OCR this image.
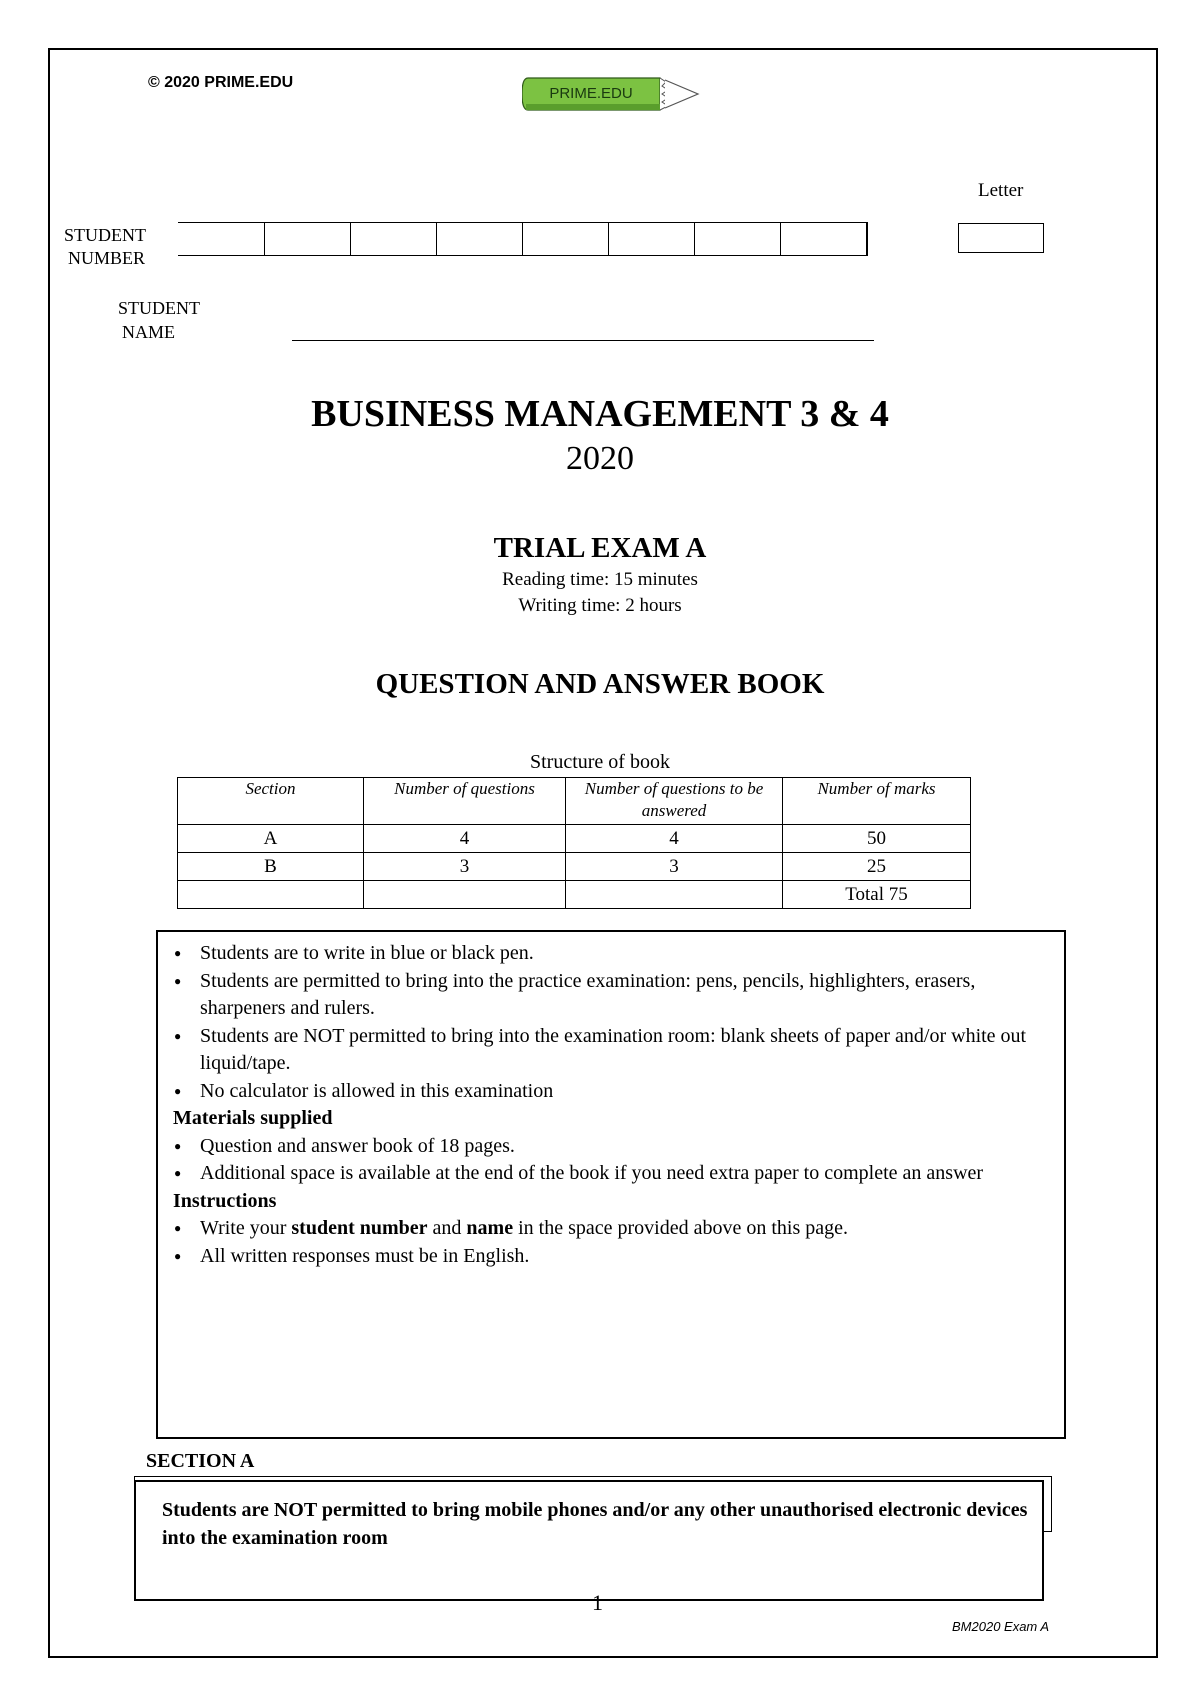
© 2020 PRIME.EDU
PRIME.EDU
Letter
STUDENT
NUMBER
STUDENT
NAME
BUSINESS MANAGEMENT 3 & 4
2020
TRIAL EXAM A
Reading time: 15 minutes
Writing time: 2 hours
QUESTION AND ANSWER BOOK
Structure of book
Section	Number of questions	Number of questions to be answered	Number of marks
A	4	4	50
B	3	3	25
			Total 75
● Students are to write in blue or black pen.
● Students are permitted to bring into the practice examination: pens, pencils, highlighters, erasers, sharpeners and rulers.
● Students are NOT permitted to bring into the examination room: blank sheets of paper and/or white out liquid/tape.
● No calculator is allowed in this examination
Materials supplied
● Question and answer book of 18 pages.
● Additional space is available at the end of the book if you need extra paper to complete an answer
Instructions
● Write your student number and name in the space provided above on this page.
● All written responses must be in English.
SECTION A
Students are NOT permitted to bring mobile phones and/or any other unauthorised electronic devices into the examination room
1
BM2020 Exam A
